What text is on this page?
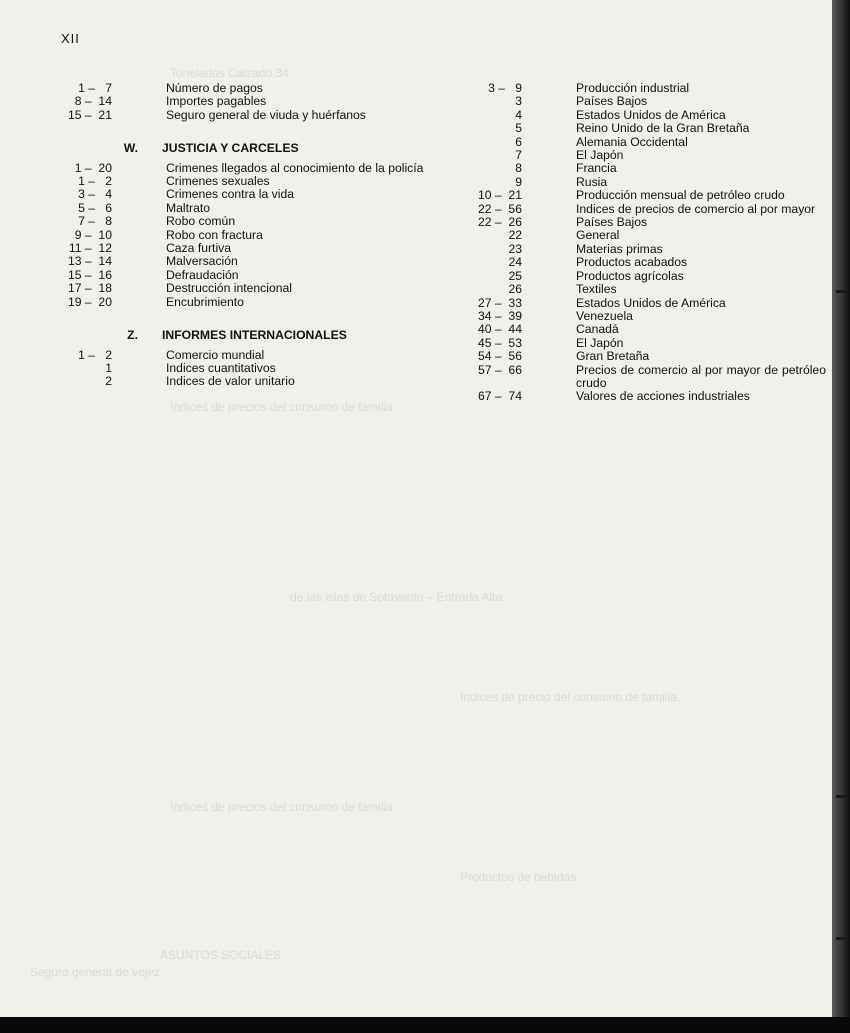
Toneladas Calzado 34
Indices de precios del consumo de familia
de las islas de Sotavento – Entrada Alta
Indices de precio del consumo de familia
Indices de precios del consumo de familia
Productos de bebidas
Seguro general de vejez
ASUNTOS SOCIALES
XII
1 –   7	Número de pagos
8 –  14	Importes pagables
15 –  21	Seguro general de viuda y huérfanos
W.	JUSTICIA Y CARCELES
1 –  20	Crimenes llegados al conocimiento de la policía
1 –   2	Crimenes sexuales
3 –   4	Crimenes contra la vida
5 –   6	Maltrato
7 –   8	Robo común
9 –  10	Robo con fractura
11 –  12	Caza furtiva
13 –  14	Malversación
15 –  16	Defraudación
17 –  18	Destrucción intencional
19 –  20	Encubrimiento
Z.	INFORMES INTERNACIONALES
1 –   2	Comercio mundial
1	Indices cuantitativos
2	Indices de valor unitario
3 –   9	Producción industrial
3	Países Bajos
4	Estados Unidos de América
5	Reino Unido de la Gran Bretaña
6	Alemania Occidental
7	El Japón
8	Francia
9	Rusia
10 –  21	Producción mensual de petróleo crudo
22 –  56	Indices de precios de comercio al por mayor
22 –  26	Países Bajos
22	General
23	Materias primas
24	Productos acabados
25	Productos agrícolas
26	Textiles
27 –  33	Estados Unidos de América
34 –  39	Venezuela
40 –  44	Canadá
45 –  53	El Japón
54 –  56	Gran Bretaña
57 –  66	Precios de comercio al por mayor de petróleo crudo
67 –  74	Valores de acciones industriales
